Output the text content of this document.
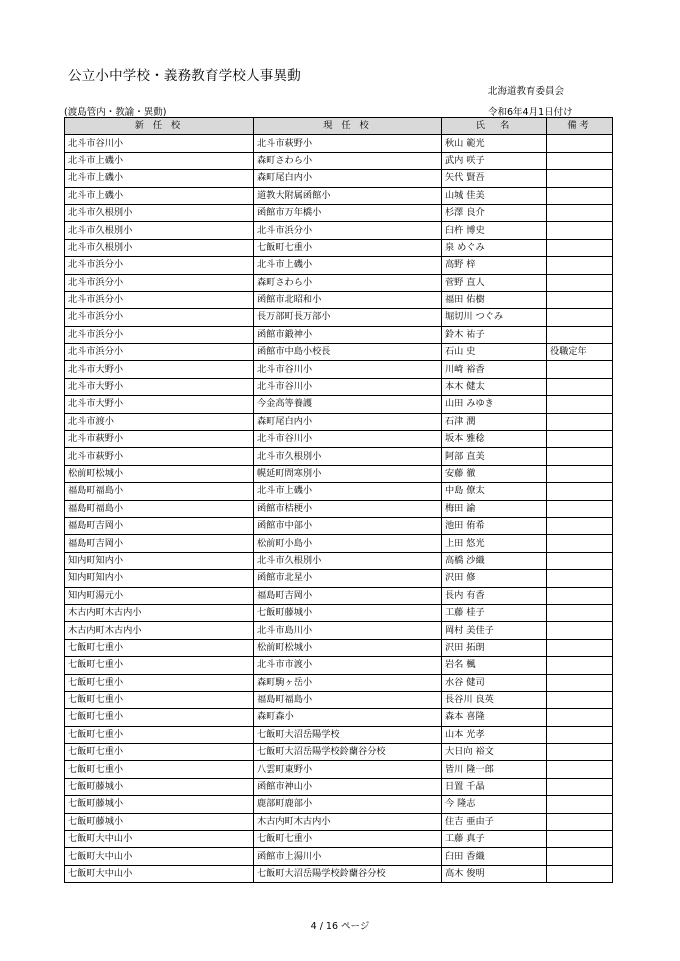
公立小中学校・義務教育学校人事異動
北海道教育委員会
(渡島管内・教諭・異動)	令和6年4月1日付け
新 任 校	現 任 校	氏　名	備考
北斗市谷川小	北斗市萩野小	秋山 範光	
北斗市上磯小	森町さわら小	武内 咲子	
北斗市上磯小	森町尾白内小	矢代 賢吾	
北斗市上磯小	道教大附属函館小	山城 佳美	
北斗市久根別小	函館市万年橋小	杉澤 良介	
北斗市久根別小	北斗市浜分小	臼杵 博史	
北斗市久根別小	七飯町七重小	泉 めぐみ	
北斗市浜分小	北斗市上磯小	高野 梓	
北斗市浜分小	森町さわら小	菅野 直人	
北斗市浜分小	函館市北昭和小	福田 佑樹	
北斗市浜分小	長万部町長万部小	堀切川 つぐみ	
北斗市浜分小	函館市鍛神小	鈴木 祐子	
北斗市浜分小	函館市中島小校長	石山 史	役職定年
北斗市大野小	北斗市谷川小	川崎 裕香	
北斗市大野小	北斗市谷川小	本木 健太	
北斗市大野小	今金高等養護	山田 みゆき	
北斗市渡小	森町尾白内小	石津 潤	
北斗市萩野小	北斗市谷川小	坂本 雅稔	
北斗市萩野小	北斗市久根別小	阿部 直美	
松前町松城小	幌延町問寒別小	安藤 徹	
福島町福島小	北斗市上磯小	中島 僚太	
福島町福島小	函館市桔梗小	梅田 諭	
福島町吉岡小	函館市中部小	池田 侑希	
福島町吉岡小	松前町小島小	上田 悠光	
知内町知内小	北斗市久根別小	高橋 沙織	
知内町知内小	函館市北星小	沢田 修	
知内町湯元小	福島町吉岡小	長内 有香	
木古内町木古内小	七飯町藤城小	工藤 桂子	
木古内町木古内小	北斗市島川小	岡村 美佳子	
七飯町七重小	松前町松城小	沢田 拓朗	
七飯町七重小	北斗市市渡小	岩名 楓	
七飯町七重小	森町駒ヶ岳小	水谷 健司	
七飯町七重小	福島町福島小	長谷川 良英	
七飯町七重小	森町森小	森本 喜隆	
七飯町七重小	七飯町大沼岳陽学校	山本 光孝	
七飯町七重小	七飯町大沼岳陽学校鈴蘭谷分校	大日向 裕文	
七飯町七重小	八雲町東野小	皆川 隆一郎	
七飯町藤城小	函館市神山小	日置 千晶	
七飯町藤城小	鹿部町鹿部小	今 隆志	
七飯町藤城小	木古内町木古内小	住吉 亜由子	
七飯町大中山小	七飯町七重小	工藤 真子	
七飯町大中山小	函館市上湯川小	臼田 香織	
七飯町大中山小	七飯町大沼岳陽学校鈴蘭谷分校	高木 俊明	
4 / 16 ページ
